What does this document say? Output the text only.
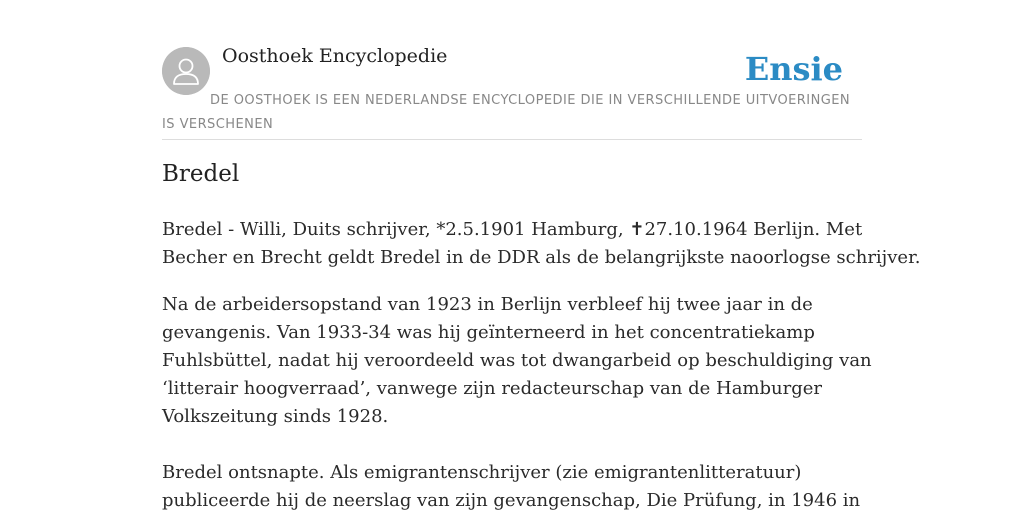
Oosthoek Encyclopedie	Ensie

DE OOSTHOEK IS EEN NEDERLANDSE ENCYCLOPEDIE DIE IN VERSCHILLENDE UITVOERINGEN IS VERSCHENEN

Bredel

Bredel - Willi, Duits schrijver, *2.5.1901 Hamburg, ✝27.10.1964 Berlijn. Met
Becher en Brecht geldt Bredel in de DDR als de belangrijkste naoorlogse schrijver.

Na de arbeidersopstand van 1923 in Berlijn verbleef hij twee jaar in de
gevangenis. Van 1933-34 was hij geïnterneerd in het concentratiekamp
Fuhlsbüttel, nadat hij veroordeeld was tot dwangarbeid op beschuldiging van
‘litterair hoogverraad’, vanwege zijn redacteurschap van de Hamburger
Volkszeitung sinds 1928.

Bredel ontsnapte. Als emigrantenschrijver (zie emigrantenlitteratuur)
publiceerde hij de neerslag van zijn gevangenschap, Die Prüfung, in 1946 in
